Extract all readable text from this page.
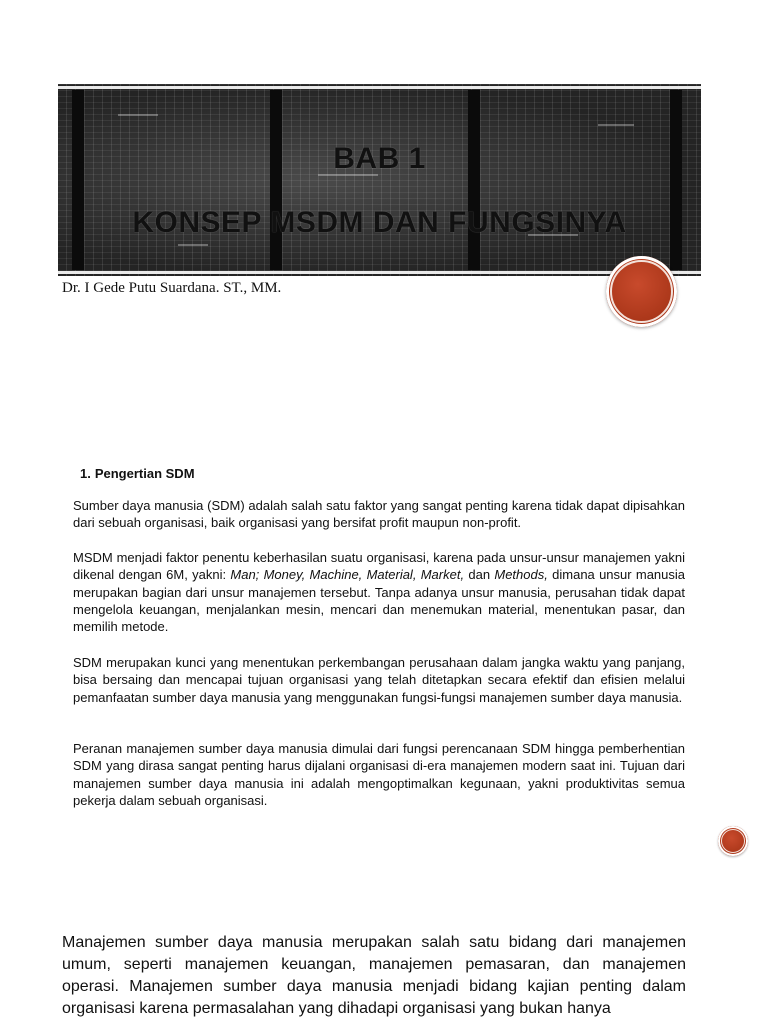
BAB 1
KONSEP MSDM DAN FUNGSINYA

Dr. I Gede Putu Suardana. ST., MM.

1. Pengertian SDM

Sumber daya manusia (SDM) adalah salah satu faktor yang sangat penting karena tidak dapat dipisahkan dari sebuah organisasi, baik organisasi yang bersifat profit maupun non-profit.

MSDM menjadi faktor penentu keberhasilan suatu organisasi, karena pada unsur-unsur manajemen yakni dikenal dengan 6M, yakni: Man; Money, Machine, Material, Market, dan Methods, dimana unsur manusia merupakan bagian dari unsur manajemen tersebut. Tanpa adanya unsur manusia, perusahan tidak dapat mengelola keuangan, menjalankan mesin, mencari dan menemukan material, menentukan pasar, dan memilih metode.

SDM merupakan kunci yang menentukan perkembangan perusahaan dalam jangka waktu yang panjang, bisa bersaing dan mencapai tujuan organisasi yang telah ditetapkan secara efektif dan efisien melalui pemanfaatan sumber daya manusia yang menggunakan fungsi-fungsi manajemen sumber daya manusia.

Peranan manajemen sumber daya manusia dimulai dari fungsi perencanaan SDM hingga pemberhentian SDM yang dirasa sangat penting harus dijalani organisasi di-era manajemen modern saat ini. Tujuan dari manajemen sumber daya manusia ini adalah mengoptimalkan kegunaan, yakni produktivitas semua pekerja dalam sebuah organisasi.

Manajemen sumber daya manusia merupakan salah satu bidang dari manajemen umum, seperti manajemen keuangan, manajemen pemasaran, dan manajemen operasi. Manajemen sumber daya manusia menjadi bidang kajian penting dalam organisasi karena permasalahan yang dihadapi organisasi yang bukan hanya
